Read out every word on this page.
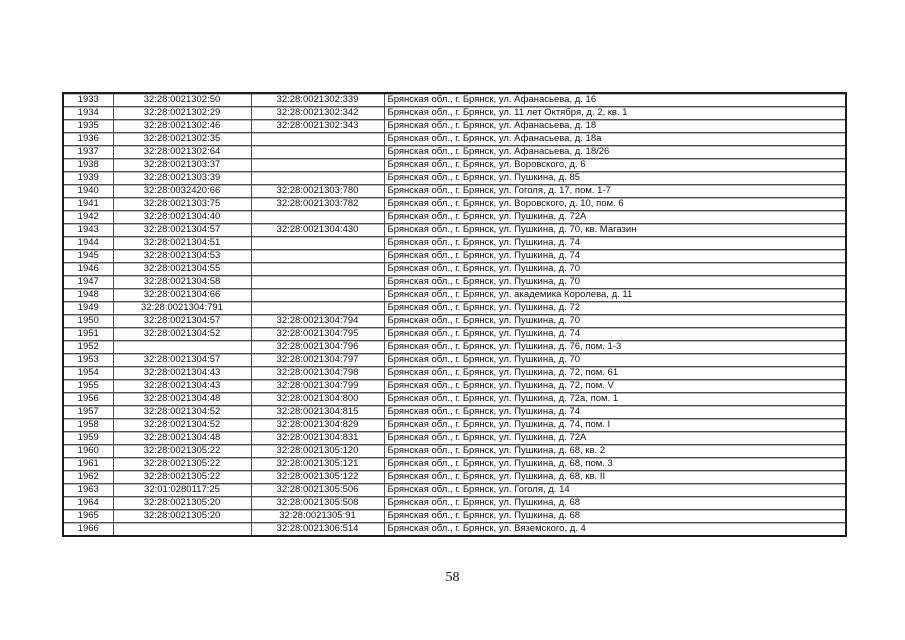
1933	32:28:0021302:50	32:28:0021302:339	Брянская обл., г. Брянск, ул. Афанасьева, д. 16
1934	32:28:0021302:29	32:28:0021302:342	Брянская обл., г. Брянск, ул. 11 лет Октября, д. 2, кв. 1
1935	32:28:0021302:46	32:28:0021302:343	Брянская обл., г. Брянск, ул. Афанасьева, д. 18
1936	32:28:0021302:35		Брянская обл., г. Брянск, ул. Афанасьева, д. 18а
1937	32:28:0021302:64		Брянская обл., г. Брянск, ул. Афанасьева, д. 18/26
1938	32:28:0021303:37		Брянская обл., г. Брянск, ул. Воровского, д. 6
1939	32:28:0021303:39		Брянская обл., г. Брянск, ул. Пушкина, д. 85
1940	32:28:0032420:66	32:28:0021303:780	Брянская обл., г. Брянск, ул. Гоголя, д. 17, пом. 1-7
1941	32:28:0021303:75	32:28:0021303:782	Брянская обл., г. Брянск, ул. Воровского, д. 10, пом. 6
1942	32:28:0021304:40		Брянская обл., г. Брянск, ул. Пушкина, д. 72А
1943	32:28:0021304:57	32:28:0021304:430	Брянская обл., г. Брянск, ул. Пушкина, д. 70, кв. Магазин
1944	32:28:0021304:51		Брянская обл., г. Брянск, ул. Пушкина, д. 74
1945	32:28:0021304:53		Брянская обл., г. Брянск, ул. Пушкина, д. 74
1946	32:28:0021304:55		Брянская обл., г. Брянск, ул. Пушкина, д. 70
1947	32:28:0021304:58		Брянская обл., г. Брянск, ул. Пушкина, д. 70
1948	32:28:0021304:66		Брянская обл., г. Брянск, ул. академика Королева, д. 11
1949	32:28:0021304:791		Брянская обл., г. Брянск, ул. Пушкина, д. 72
1950	32:28:0021304:57	32:28:0021304:794	Брянская обл., г. Брянск, ул. Пушкина, д. 70
1951	32:28:0021304:52	32:28:0021304:795	Брянская обл., г. Брянск, ул. Пушкина, д. 74
1952		32:28:0021304:796	Брянская обл., г. Брянск, ул. Пушкина, д. 76, пом. 1-3
1953	32:28:0021304:57	32:28:0021304:797	Брянская обл., г. Брянск, ул. Пушкина, д. 70
1954	32:28:0021304:43	32:28:0021304:798	Брянская обл., г. Брянск, ул. Пушкина, д. 72, пом. 61
1955	32:28:0021304:43	32:28:0021304:799	Брянская обл., г. Брянск, ул. Пушкина, д. 72, пом. V
1956	32:28:0021304:48	32:28:0021304:800	Брянская обл., г. Брянск, ул. Пушкина, д. 72а, пом. 1
1957	32:28:0021304:52	32:28:0021304:815	Брянская обл., г. Брянск, ул. Пушкина, д. 74
1958	32:28:0021304:52	32:28:0021304:829	Брянская обл., г. Брянск, ул. Пушкина, д. 74, пом. I
1959	32:28:0021304:48	32:28:0021304:831	Брянская обл., г. Брянск, ул. Пушкина, д. 72А
1960	32:28:0021305:22	32:28:0021305:120	Брянская обл., г. Брянск, ул. Пушкина, д. 68, кв. 2
1961	32:28:0021305:22	32:28:0021305:121	Брянская обл., г. Брянск, ул. Пушкина, д. 68, пом. 3
1962	32:28:0021305:22	32:28:0021305:122	Брянская обл., г. Брянск, ул. Пушкина, д. 68, кв. II
1963	32:01:0280117:25	32:28:0021305:506	Брянская обл., г. Брянск, ул. Гоголя, д. 14
1964	32:28:0021305:20	32:28:0021305:508	Брянская обл., г. Брянск, ул. Пушкина, д. 68
1965	32:28:0021305:20	32:28:0021305:91	Брянская обл., г. Брянск, ул. Пушкина, д. 68
1966		32:28:0021306:514	Брянская обл., г. Брянск, ул. Вяземского, д. 4
58
